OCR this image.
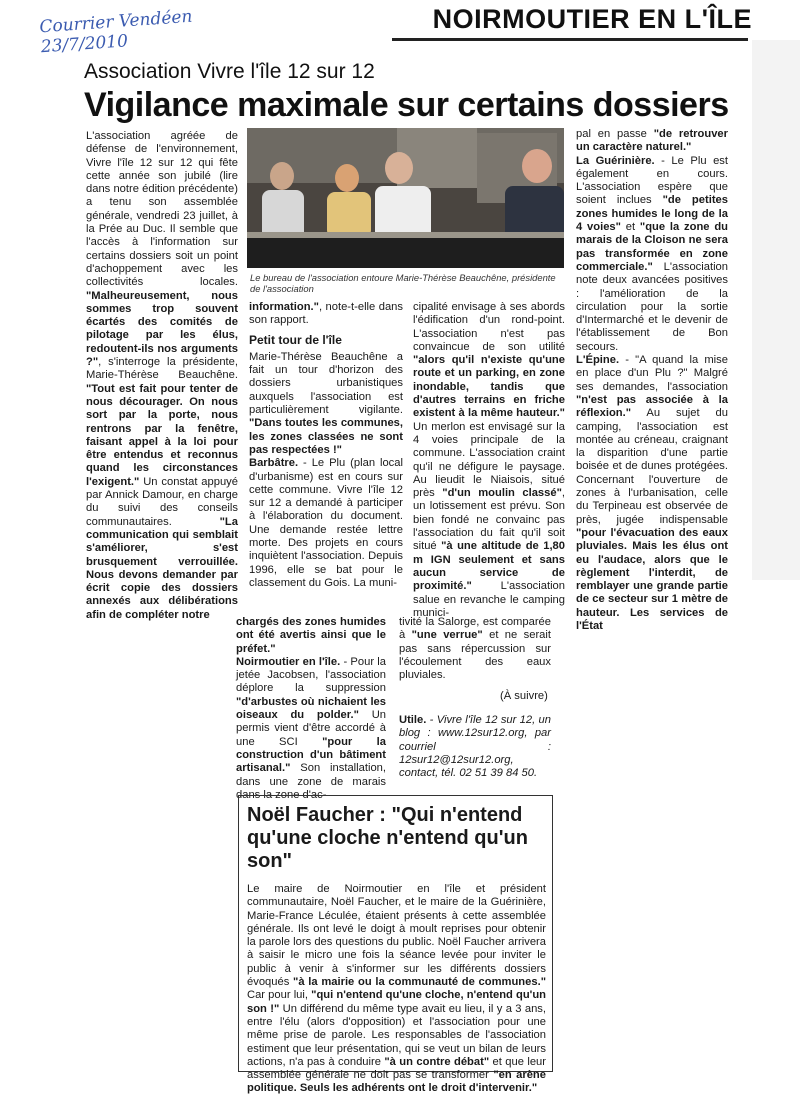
Courrier Vendéen 23/7/2010
NOIRMOUTIER EN L'ÎLE
Association Vivre l'île 12 sur 12
Vigilance maximale sur certains dossiers

L'association agréée de défense de l'environnement, Vivre l'île 12 sur 12 qui fête cette année son jubilé (lire dans notre édition précédente) a tenu son assemblée générale, vendredi 23 juillet, à la Prée au Duc. Il semble que l'accès à l'information sur certains dossiers soit un point d'achoppement avec les collectivités locales. "Malheureusement, nous sommes trop souvent écartés des comités de pilotage par les élus, redoutent-ils nos arguments ?", s'interroge la présidente, Marie-Thérèse Beauchêne. "Tout est fait pour tenter de nous décourager. On nous sort par la porte, nous rentrons par la fenêtre, faisant appel à la loi pour être entendus et reconnus quand les circonstances l'exigent." Un constat appuyé par Annick Damour, en charge du suivi des conseils communautaires.	"La communication qui semblait s'améliorer, s'est brusquement verrouillée. Nous devons demander par écrit copie des dossiers annexés aux délibérations afin de compléter notre

Le bureau de l'association entoure Marie-Thérèse Beauchêne, présidente de l'association

information.", note-t-elle dans son rapport.

Petit tour de l'île

Marie-Thérèse Beauchêne a fait un tour d'horizon des dossiers urbanistiques auxquels l'association est particulièrement vigilante. "Dans toutes les communes, les zones classées ne sont pas respectées !"

Barbâtre. - Le Plu (plan local d'urbanisme) est en cours sur cette commune. Vivre l'île 12 sur 12 a demandé à participer à l'élaboration du document. Une demande restée lettre morte. Des projets en cours inquiètent l'association. Depuis 1996, elle se bat pour le classement du Gois. La muni-

cipalité envisage à ses abords l'édification d'un rond-point. L'association n'est pas convaincue de son utilité "alors qu'il n'existe qu'une route et un parking, en zone inondable, tandis que d'autres terrains en friche existent à la même hauteur." Un merlon est envisagé sur la 4 voies principale de la commune. L'association craint qu'il ne défigure le paysage. Au lieudit le Niaisois, situé près "d'un moulin classé", un lotissement est prévu. Son bien fondé ne convainc pas l'association du fait qu'il soit situé "à une altitude de 1,80 m IGN seulement et sans aucun service de proximité." L'association salue en revanche le camping munici-

pal en passe "de retrouver un caractère naturel."

La Guérinière. - Le Plu est également en cours. L'association espère que soient inclues "de petites zones humides le long de la 4 voies" et "que la zone du marais de la Cloison ne sera pas transformée en zone commerciale." L'association note deux avancées positives : l'amélioration de la circulation pour la sortie d'Intermarché et le devenir de l'établissement de Bon secours.

L'Épine. - "A quand la mise en place d'un Plu ?" Malgré ses demandes, l'association "n'est pas associée à la réflexion." Au sujet du camping, l'association est montée au créneau, craignant la disparition d'une partie boisée et de dunes protégées. Concernant l'ouverture de zones à l'urbanisation, celle du Terpineau est observée de près, jugée indispensable "pour l'évacuation des eaux pluviales. Mais les élus ont eu l'audace, alors que le règlement l'interdit, de remblayer une grande partie de ce secteur sur 1 mètre de hauteur. Les services de l'État

chargés des zones humides ont été avertis ainsi que le préfet."

Noirmoutier en l'île. - Pour la jetée Jacobsen, l'association déplore la suppression "d'arbustes où nichaient les oiseaux du polder." Un permis vient d'être accordé à une SCI "pour la construction d'un bâtiment artisanal." Son installation, dans une zone de marais dans la zone d'ac-

tivité la Salorge, est comparée à "une verrue" et ne serait pas sans répercussion sur l'écoulement des eaux pluviales.

(À suivre)

Utile. - Vivre l'île 12 sur 12, un blog : www.12sur12.org, par courriel : 12sur12@12sur12.org, contact, tél. 02 51 39 84 50.

Noël Faucher : "Qui n'entend qu'une cloche n'entend qu'un son"
Le maire de Noirmoutier en l'île et président communautaire, Noël Faucher, et le maire de la Guérinière, Marie-France Léculée, étaient présents à cette assemblée générale. Ils ont levé le doigt à moult reprises pour obtenir la parole lors des questions du public. Noël Faucher arrivera à saisir le micro une fois la séance levée pour inviter le public à venir à s'informer sur les différents dossiers évoqués "à la mairie ou la communauté de communes." Car pour lui, "qui n'entend qu'une cloche, n'entend qu'un son !" Un différend du même type avait eu lieu, il y a 3 ans, entre l'élu (alors d'opposition) et l'association pour une même prise de parole. Les responsables de l'association estiment que leur présentation, qui se veut un bilan de leurs actions, n'a pas à conduire "à un contre débat" et que leur assemblée générale ne doit pas se transformer "en arène politique. Seuls les adhérents ont le droit d'intervenir."
